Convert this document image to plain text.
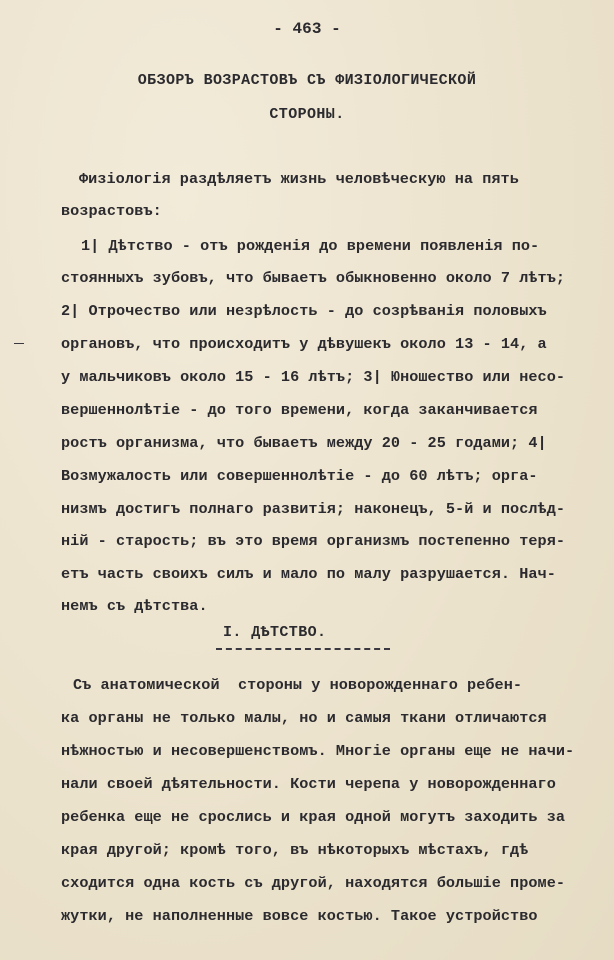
- 463 -
ОБЗОРЪ ВОЗРАСТОВЪ СЪ ФИЗIОЛОГИЧЕСКОЙ
СТОРОНЫ.
Физiологiя раздѣляетъ жизнь человѣческую на пять
возрастовъ:
1| Дѣтство - отъ рожденiя до времени появленiя по-
стоянныхъ зубовъ, что бываетъ обыкновенно около 7 лѣтъ;
2| Отрочество или незрѣлость - до созрѣванiя половыхъ
органовъ, что происходитъ у дѣвушекъ около 13 - 14, а
у мальчиковъ около 15 - 16 лѣтъ; 3| Юношество или несо-
вершеннолѣтiе - до того времени, когда заканчивается
ростъ организма, что бываетъ между 20 - 25 годами; 4|
Возмужалость или совершеннолѣтiе - до 60 лѣтъ; орга-
низмъ достигъ полнаго развитiя; наконецъ, 5-й и послѣд-
нiй - старость; въ это время организмъ постепенно теря-
етъ часть своихъ силъ и мало по малу разрушается. Нач-
немъ съ дѣтства.
I. ДѢТСТВО.
Съ анатомической  стороны у новорожденнаго ребен-
ка органы не только малы, но и самыя ткани отличаются
нѣжностью и несовершенствомъ. Многiе органы еще не начи-
нали своей дѣятельности. Кости черепа у новорожденнаго
ребенка еще не срослись и края одной могутъ заходить за
края другой; кромѣ того, въ нѣкоторыхъ мѣстахъ, гдѣ
сходится одна кость съ другой, находятся большiе проме-
жутки, не наполненные вовсе костью. Такое устройство
